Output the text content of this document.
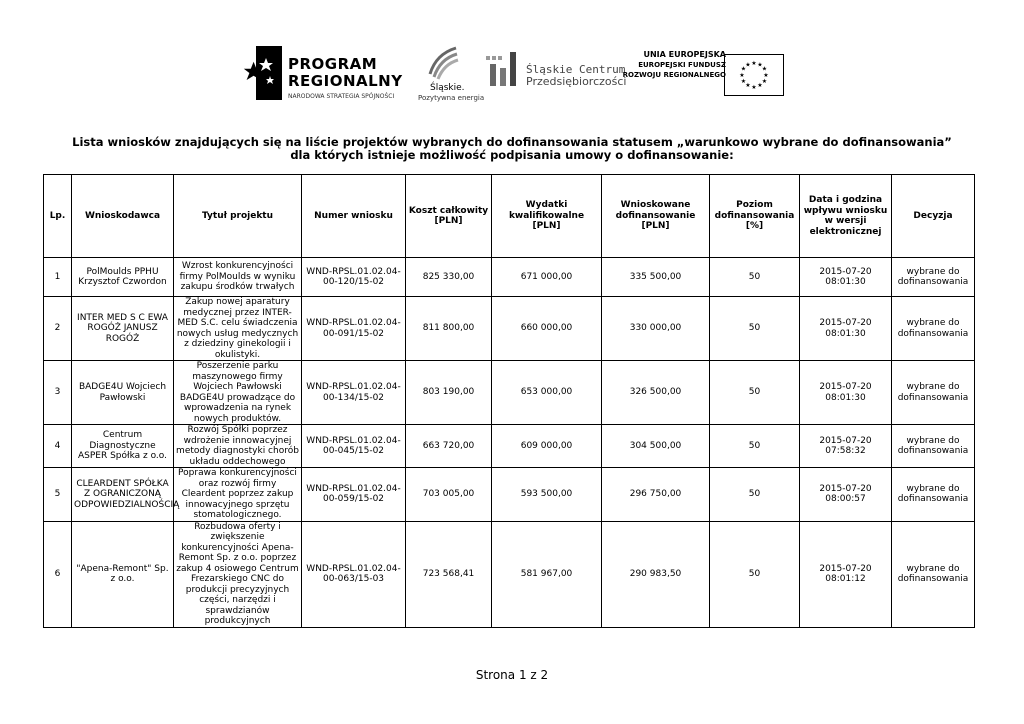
PROGRAM
REGIONALNY
NARODOWA STRATEGIA SPÓJNOŚCI
Śląskie.
Pozytywna energia
Śląskie Centrum
Przedsiębiorczości
UNIA EUROPEJSKA
EUROPEJSKI FUNDUSZ
ROZWOJU REGIONALNEGO
★ ★
★
★
★
★
★
★
★
★
★
★
Lista wniosków znajdujących się na liście projektów wybranych do dofinansowania statusem „warunkowo wybrane do dofinansowania”
dla których istnieje możliwość podpisania umowy o dofinansowanie:
Lp.	Wnioskodawca	Tytuł projektu	Numer wniosku	Koszt całkowity [PLN]	Wydatki kwalifikowalne [PLN]	Wnioskowane dofinansowanie [PLN]	Poziom dofinansowania [%]	Data i godzina wpływu wniosku w wersji elektronicznej	Decyzja
1	PolMoulds PPHU Krzysztof Czwordon	Wzrost konkurencyjności firmy PolMoulds w wyniku zakupu środków trwałych	WND-RPSL.01.02.04-00-120/15-02	825 330,00	671 000,00	335 500,00	50	2015-07-20 08:01:30	wybrane do dofinansowania
2	INTER MED S C EWA ROGÓŻ JANUSZ ROGÓŻ	Zakup nowej aparatury medycznej przez INTER-MED S.C. celu świadczenia nowych usług medycznych z dziedziny ginekologii i okulistyki.	WND-RPSL.01.02.04-00-091/15-02	811 800,00	660 000,00	330 000,00	50	2015-07-20 08:01:30	wybrane do dofinansowania
3	BADGE4U Wojciech Pawłowski	Poszerzenie parku maszynowego firmy Wojciech Pawłowski BADGE4U prowadzące do wprowadzenia na rynek nowych produktów.	WND-RPSL.01.02.04-00-134/15-02	803 190,00	653 000,00	326 500,00	50	2015-07-20 08:01:30	wybrane do dofinansowania
4	Centrum Diagnostyczne ASPER Spółka z o.o.	Rozwój Spółki poprzez wdrożenie innowacyjnej metody diagnostyki chorób układu oddechowego	WND-RPSL.01.02.04-00-045/15-02	663 720,00	609 000,00	304 500,00	50	2015-07-20 07:58:32	wybrane do dofinansowania
5	CLEARDENT SPÓŁKA Z OGRANICZONĄ ODPOWIEDZIALNOŚCIĄ	Poprawa konkurencyjności oraz rozwój firmy Cleardent poprzez zakup innowacyjnego sprzętu stomatologicznego.	WND-RPSL.01.02.04-00-059/15-02	703 005,00	593 500,00	296 750,00	50	2015-07-20 08:00:57	wybrane do dofinansowania
6	"Apena-Remont" Sp. z o.o.	Rozbudowa oferty i zwiększenie konkurencyjności Apena-Remont Sp. z o.o. poprzez zakup 4 osiowego Centrum Frezarskiego CNC do produkcji precyzyjnych części, narzędzi i sprawdzianów produkcyjnych	WND-RPSL.01.02.04-00-063/15-03	723 568,41	581 967,00	290 983,50	50	2015-07-20 08:01:12	wybrane do dofinansowania
Strona 1 z 2
